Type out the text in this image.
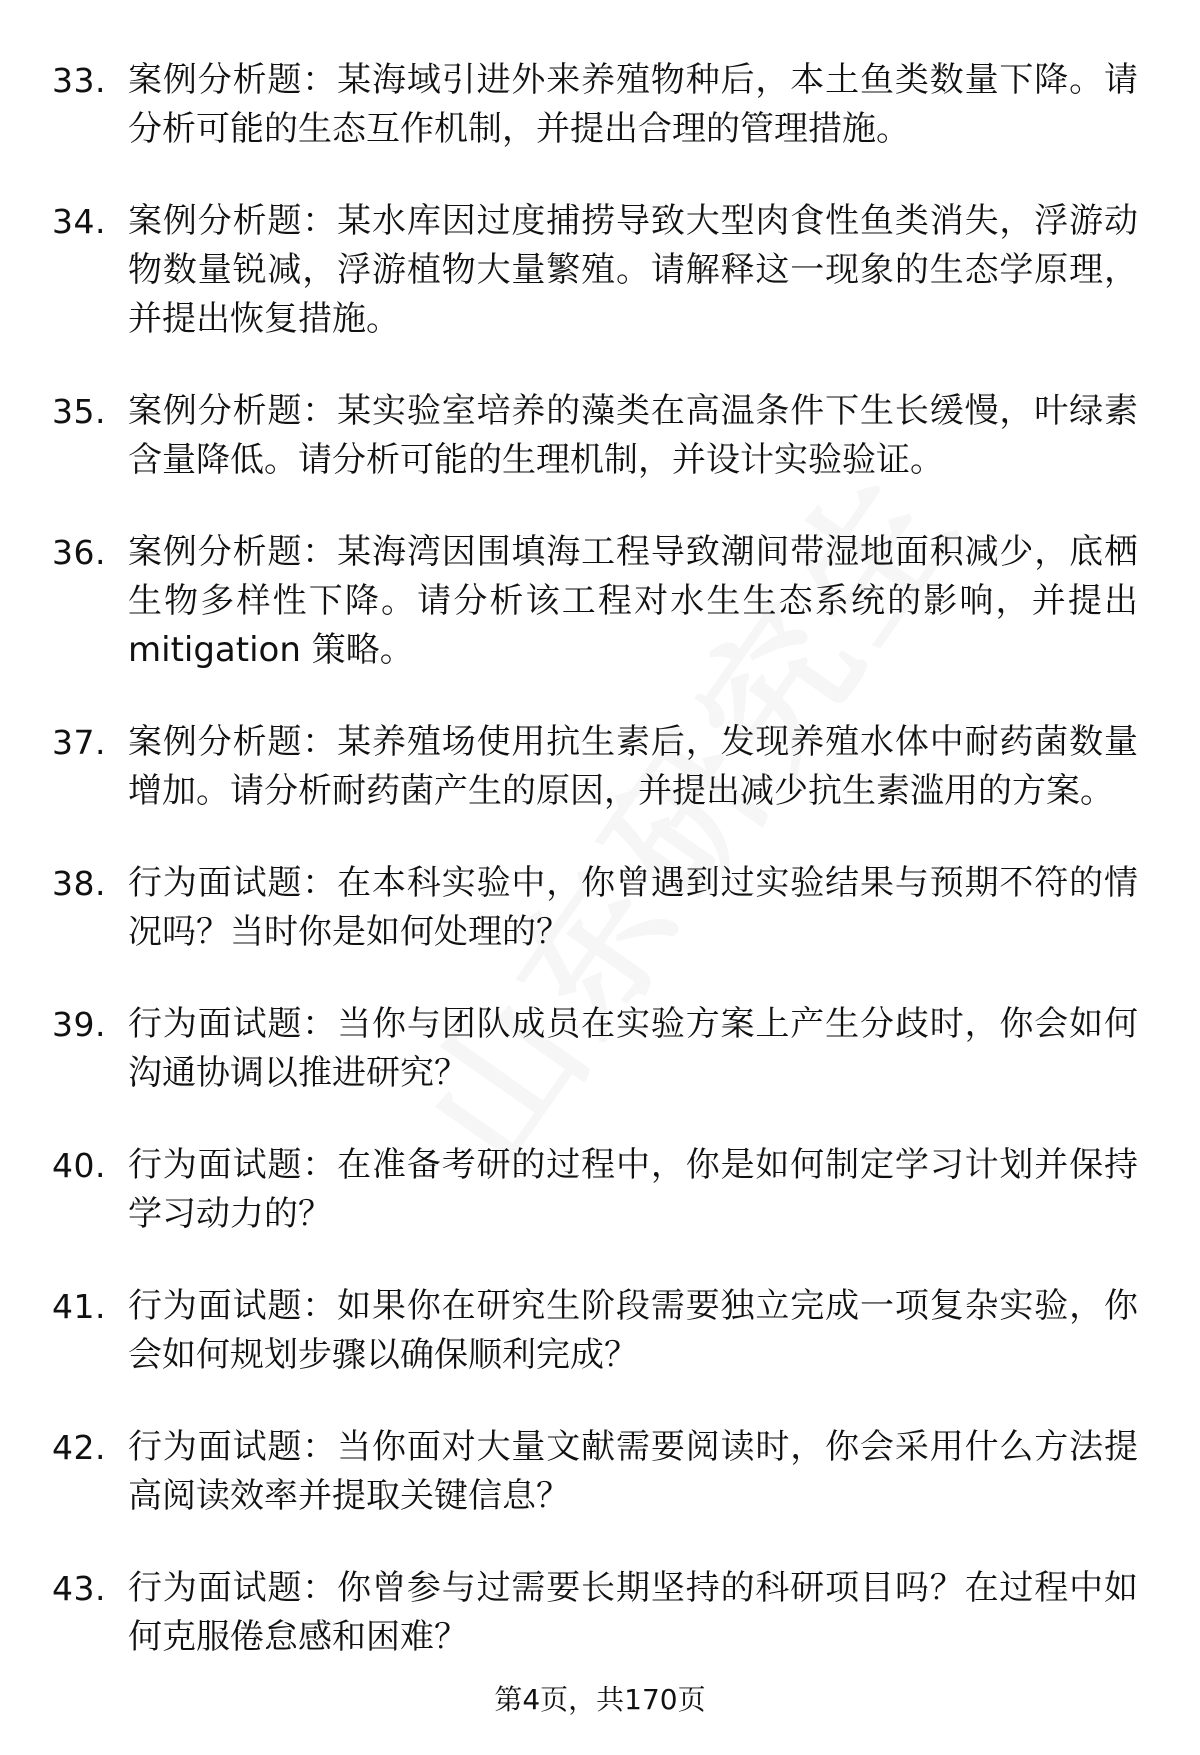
33. 案例分析题：某海域引进外来养殖物种后，本土鱼类数量下降。请分析可能的生态互作机制，并提出合理的管理措施。
34. 案例分析题：某水库因过度捕捞导致大型肉食性鱼类消失，浮游动物数量锐减，浮游植物大量繁殖。请解释这一现象的生态学原理，并提出恢复措施。
35. 案例分析题：某实验室培养的藻类在高温条件下生长缓慢，叶绿素含量降低。请分析可能的生理机制，并设计实验验证。
36. 案例分析题：某海湾因围填海工程导致潮间带湿地面积减少，底栖生物多样性下降。请分析该工程对水生生态系统的影响，并提出 mitigation 策略。
37. 案例分析题：某养殖场使用抗生素后，发现养殖水体中耐药菌数量增加。请分析耐药菌产生的原因，并提出减少抗生素滥用的方案。
38. 行为面试题：在本科实验中，你曾遇到过实验结果与预期不符的情况吗？当时你是如何处理的？
39. 行为面试题：当你与团队成员在实验方案上产生分歧时，你会如何沟通协调以推进研究？
40. 行为面试题：在准备考研的过程中，你是如何制定学习计划并保持学习动力的？
41. 行为面试题：如果你在研究生阶段需要独立完成一项复杂实验，你会如何规划步骤以确保顺利完成？
42. 行为面试题：当你面对大量文献需要阅读时，你会采用什么方法提高阅读效率并提取关键信息？
43. 行为面试题：你曾参与过需要长期坚持的科研项目吗？在过程中如何克服倦怠感和困难？
第4页，共170页
